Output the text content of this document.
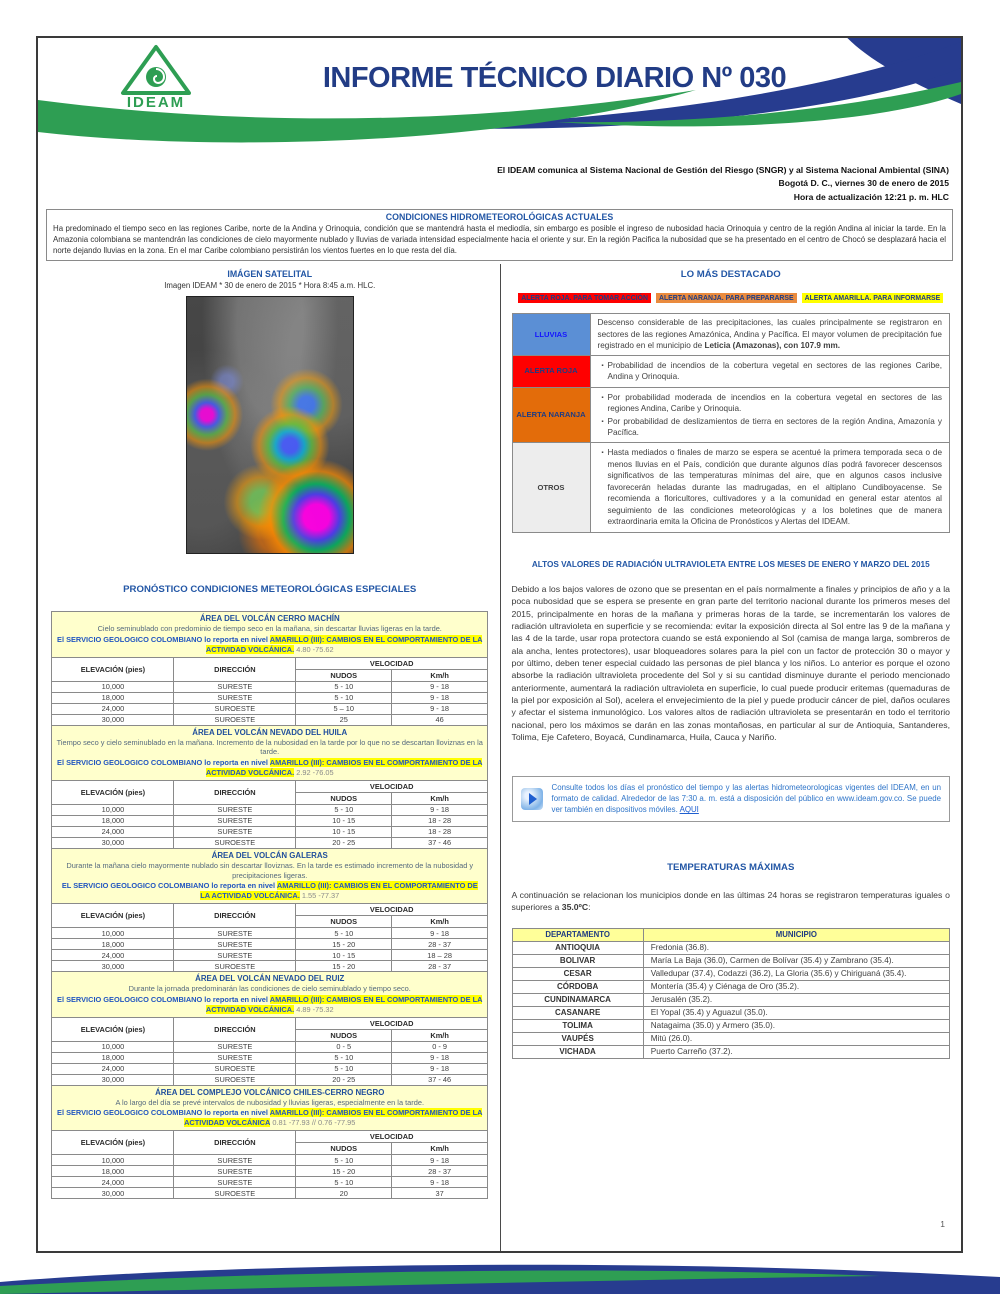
IDEAM
INFORME TÉCNICO DIARIO Nº 030
El IDEAM comunica al Sistema Nacional de Gestión del Riesgo (SNGR) y al Sistema Nacional Ambiental (SINA)
Bogotá D. C., viernes 30 de enero de 2015
Hora de actualización 12:21 p. m. HLC
CONDICIONES HIDROMETEOROLÓGICAS ACTUALES
Ha predominado el tiempo seco en las regiones Caribe, norte de la Andina y Orinoquia, condición que se mantendrá hasta el mediodía, sin embargo es posible el ingreso de nubosidad hacia Orinoquia y centro de la región Andina al iniciar la tarde. En la Amazonia colombiana se mantendrán las condiciones de cielo mayormente nublado y lluvias de variada intensidad especialmente hacia el oriente y sur. En la región Pacifica la nubosidad que se ha presentado en el centro de Chocó se desplazará hacia el norte dejando lluvias en la zona. En el mar Caribe colombiano persistirán los vientos fuertes en lo que resta del día.
IMÁGEN SATELITAL
Imagen IDEAM * 30 de enero de 2015 * Hora 8:45 a.m. HLC.
PRONÓSTICO CONDICIONES METEOROLÓGICAS ESPECIALES
ÁREA DEL VOLCÁN CERRO MACHÍN
Cielo seminublado con predominio de tiempo seco en la mañana, sin descartar lluvias ligeras en la tarde.
El SERVICIO GEOLOGICO COLOMBIANO lo reporta en nivel AMARILLO (III): CAMBIOS EN EL COMPORTAMIENTO DE LA ACTIVIDAD VOLCÁNICA. 4.80 -75.62			

ELEVACIÓN (pies)	DIRECCIÓN	VELOCIDAD	
		NUDOS	Km/h
10,000	SURESTE	5 - 10	9 - 18
18,000	SURESTE	5 - 10	9 - 18
24,000	SUROESTE	5 – 10	9 - 18
30,000	SUROESTE	25	46

ÁREA DEL VOLCÁN NEVADO DEL HUILA
Tiempo seco y cielo seminublado en la mañana. Incremento de la nubosidad en la tarde por lo que no se descartan lloviznas en la tarde.
El SERVICIO GEOLOGICO COLOMBIANO lo reporta en nivel AMARILLO (III): CAMBIOS EN EL COMPORTAMIENTO DE LA ACTIVIDAD VOLCÁNICA. 2.92 -76.05			

ELEVACIÓN (pies)	DIRECCIÓN	VELOCIDAD	
		NUDOS	Km/h
10,000	SURESTE	5 - 10	9 - 18
18,000	SURESTE	10 - 15	18 - 28
24,000	SURESTE	10 - 15	18 - 28
30,000	SUROESTE	20 - 25	37 - 46

ÁREA DEL VOLCÁN GALERAS
Durante la mañana cielo mayormente nublado sin descartar lloviznas. En la tarde es estimado incremento de la nubosidad y precipitaciones ligeras.
EL SERVICIO GEOLOGICO COLOMBIANO lo reporta en nivel AMARILLO (III): CAMBIOS EN EL COMPORTAMIENTO DE LA ACTIVIDAD VOLCÁNICA. 1.55 -77.37			

ELEVACIÓN (pies)	DIRECCIÓN	VELOCIDAD	
		NUDOS	Km/h
10,000	SURESTE	5 - 10	9 - 18
18,000	SURESTE	15 - 20	28 - 37
24,000	SURESTE	10 - 15	18 – 28
30,000	SUROESTE	15 - 20	28 - 37

ÁREA DEL VOLCÁN NEVADO DEL RUIZ
Durante la jornada predominarán las condiciones de cielo seminublado y tiempo seco.
El SERVICIO GEOLOGICO COLOMBIANO lo reporta en nivel AMARILLO (III): CAMBIOS EN EL COMPORTAMIENTO DE LA ACTIVIDAD VOLCÁNICA. 4.89 -75.32			

ELEVACIÓN (pies)	DIRECCIÓN	VELOCIDAD	
		NUDOS	Km/h
10,000	SURESTE	0 - 5	0 - 9
18,000	SURESTE	5 - 10	9 - 18
24,000	SUROESTE	5 - 10	9 - 18
30,000	SUROESTE	20 - 25	37 - 46

ÁREA DEL COMPLEJO VOLCÁNICO CHILES-CERRO NEGRO
A lo largo del día se prevé intervalos de nubosidad y lluvias ligeras, especialmente en la tarde.
El SERVICIO GEOLOGICO COLOMBIANO lo reporta en nivel AMARILLO (III): CAMBIOS EN EL COMPORTAMIENTO DE LA ACTIVIDAD VOLCÁNICA 0.81 -77.93 // 0.76 -77.95			

ELEVACIÓN (pies)	DIRECCIÓN	VELOCIDAD	
		NUDOS	Km/h
10,000	SURESTE	5 - 10	9 - 18
18,000	SURESTE	15 - 20	28 - 37
24,000	SURESTE	5 - 10	9 - 18
30,000	SUROESTE	20	37
LO MÁS DESTACADO
ALERTA ROJA. PARA TOMAR ACCIÓN	ALERTA NARANJA. PARA PREPARARSE	ALERTA AMARILLA. PARA INFORMARSE
LLUVIAS	Descenso considerable de las precipitaciones, las cuales principalmente se registraron en sectores de las regiones Amazónica, Andina y Pacífica. El mayor volumen de precipitación fue registrado en el municipio de Leticia (Amazonas), con 107.9 mm.
ALERTA ROJA	▪ Probabilidad de incendios de la cobertura vegetal en sectores de las regiones Caribe, Andina y Orinoquia.

ALERTA NARANJA	▪ Por probabilidad moderada de incendios en la cobertura vegetal en sectores de las regiones Andina, Caribe y Orinoquia.
▪ Por probabilidad de deslizamientos de tierra en sectores de la región Andina, Amazonía y Pacífica.

OTROS	▪ Hasta mediados o finales de marzo se espera se acentué la primera temporada seca o de menos lluvias en el País, condición que durante algunos días podrá favorecer descensos significativos de las temperaturas mínimas del aire, que en algunos casos inclusive favorecerán heladas durante las madrugadas, en el altiplano Cundiboyacense. Se recomienda a floricultores, cultivadores y a la comunidad en general estar atentos al seguimiento de las condiciones meteorológicas y a los boletines que de manera extraordinaria emita la Oficina de Pronósticos y Alertas del IDEAM.
ALTOS VALORES DE RADIACIÓN ULTRAVIOLETA ENTRE LOS MESES DE ENERO Y MARZO DEL 2015
Debido a los bajos valores de ozono que se presentan en el país normalmente a finales y principios de año y a la poca nubosidad que se espera se presente en gran parte del territorio nacional durante los primeros meses del 2015, principalmente en horas de la mañana y primeras horas de la tarde, se incrementarán los valores de radiación ultravioleta en superficie y se recomienda: evitar la exposición directa al Sol entre las 9 de la mañana y las 4 de la tarde, usar ropa protectora cuando se está exponiendo al Sol (camisa de manga larga, sombreros de ala ancha, lentes protectores), usar bloqueadores solares para la piel con un factor de protección 30 o mayor y por último, deben tener especial cuidado las personas de piel blanca y los niños. Lo anterior es porque el ozono absorbe la radiación ultravioleta procedente del Sol y si su cantidad disminuye durante el periodo mencionado anteriormente, aumentará la radiación ultravioleta en superficie, lo cual puede producir eritemas (quemaduras de la piel por exposición al Sol), acelera el envejecimiento de la piel y puede producir cáncer de piel, daños oculares y afectar el sistema inmunológico. Los valores altos de radiación ultravioleta se presentarán en todo el territorio nacional, pero los máximos se darán en las zonas montañosas, en particular al sur de Antioquia, Santanderes, Tolima, Eje Cafetero, Boyacá, Cundinamarca, Huila, Cauca y Nariño.
Consulte todos los días el pronóstico del tiempo y las alertas hidrometeorologicas vigentes del IDEAM, en un formato de calidad. Alrededor de las 7:30 a. m. está a disposición del público en www.ideam.gov.co. Se puede ver también en dispositivos móviles. AQUI
TEMPERATURAS MÁXIMAS
A continuación se relacionan los municipios donde en las últimas 24 horas se registraron temperaturas iguales o superiores a 35.0ºC:
DEPARTAMENTO	MUNICIPIO
ANTIOQUIA	Fredonia (36.8).
BOLIVAR	María La Baja (36.0), Carmen de Bolívar (35.4) y Zambrano (35.4).
CESAR	Valledupar (37.4), Codazzi (36.2), La Gloria (35.6) y Chiriguaná (35.4).
CÓRDOBA	Montería (35.4) y Ciénaga de Oro (35.2).
CUNDINAMARCA	Jerusalén (35.2).
CASANARE	El Yopal (35.4) y Aguazul (35.0).
TOLIMA	Natagaima (35.0) y Armero (35.0).
VAUPÉS	Mitú (26.0).
VICHADA	Puerto Carreño (37.2).
1
